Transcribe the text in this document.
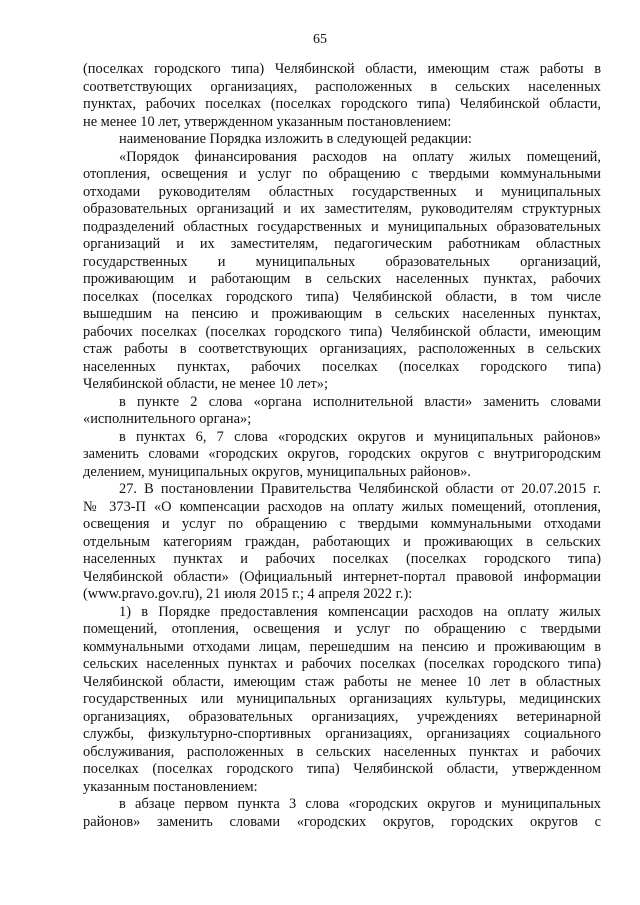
65
(поселках городского типа) Челябинской области, имеющим стаж работы в
соответствующих организациях, расположенных в сельских населенных
пунктах, рабочих поселках (поселках городского типа) Челябинской области,
не менее 10 лет, утвержденном указанным постановлением:
наименование Порядка изложить в следующей редакции:
«Порядок финансирования расходов на оплату жилых помещений,
отопления, освещения и услуг по обращению с твердыми коммунальными
отходами руководителям областных государственных и муниципальных
образовательных организаций и их заместителям, руководителям структурных
подразделений областных государственных и муниципальных образовательных
организаций и их заместителям, педагогическим работникам областных
государственных и муниципальных образовательных организаций,
проживающим и работающим в сельских населенных пунктах, рабочих
поселках (поселках городского типа) Челябинской области, в том числе
вышедшим на пенсию и проживающим в сельских населенных пунктах,
рабочих поселках (поселках городского типа) Челябинской области, имеющим
стаж работы в соответствующих организациях, расположенных в сельских
населенных пунктах, рабочих поселках (поселках городского типа)
Челябинской области, не менее 10 лет»;
в пункте 2 слова «органа исполнительной власти» заменить словами
«исполнительного органа»;
в пунктах 6, 7 слова «городских округов и муниципальных районов»
заменить словами «городских округов, городских округов с внутригородским
делением, муниципальных округов, муниципальных районов».
27. В постановлении Правительства Челябинской области от 20.07.2015 г.
№ 373-П «О компенсации расходов на оплату жилых помещений, отопления,
освещения и услуг по обращению с твердыми коммунальными отходами
отдельным категориям граждан, работающих и проживающих в сельских
населенных пунктах и рабочих поселках (поселках городского типа)
Челябинской области» (Официальный интернет-портал правовой информации
(www.pravo.gov.ru), 21 июля 2015 г.; 4 апреля 2022 г.):
1) в Порядке предоставления компенсации расходов на оплату жилых
помещений, отопления, освещения и услуг по обращению с твердыми
коммунальными отходами лицам, перешедшим на пенсию и проживающим в
сельских населенных пунктах и рабочих поселках (поселках городского типа)
Челябинской области, имеющим стаж работы не менее 10 лет в областных
государственных или муниципальных организациях культуры, медицинских
организациях, образовательных организациях, учреждениях ветеринарной
службы, физкультурно-спортивных организациях, организациях социального
обслуживания, расположенных в сельских населенных пунктах и рабочих
поселках (поселках городского типа) Челябинской области, утвержденном
указанным постановлением:
в абзаце первом пункта 3 слова «городских округов и муниципальных
районов» заменить словами «городских округов, городских округов с
